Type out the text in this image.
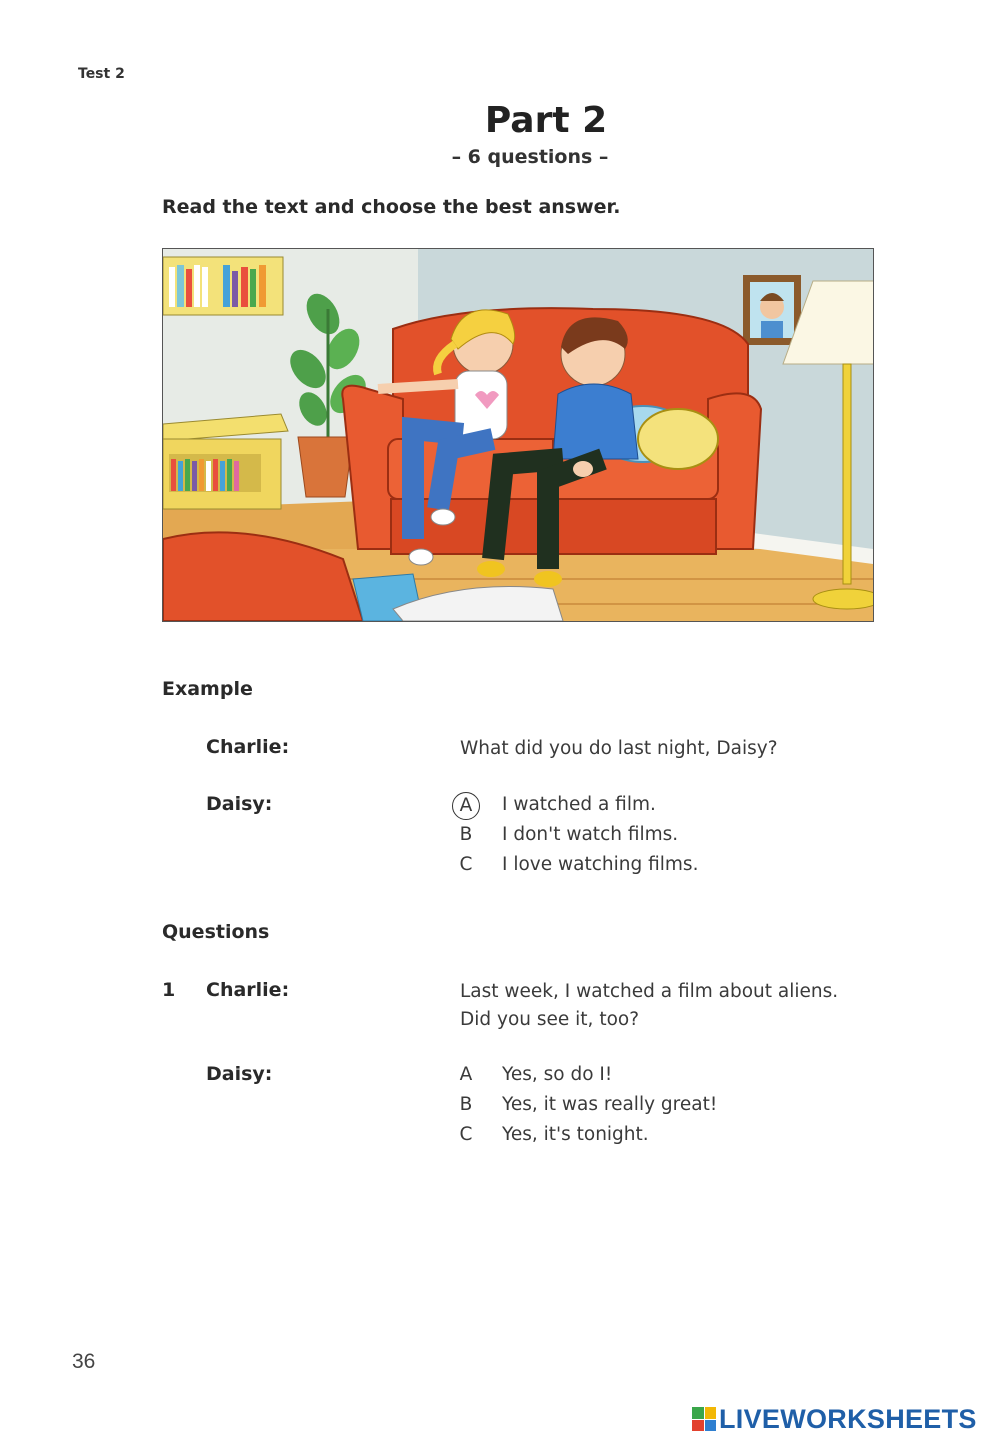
Test 2
Part 2
– 6 questions –
Read the text and choose the best answer.
Example
Charlie:	What did you do last night, Daisy?
Daisy:	A	I watched a film.
B	I don't watch films.
C I love watching films.
Questions
1 Charlie:	Last week, I watched a film about aliens.
Did you see it, too?
Daisy:	A	Yes, so do I!
B	Yes, it was really great!
C Yes, it's tonight.
36
LIVEWORKSHEETS
